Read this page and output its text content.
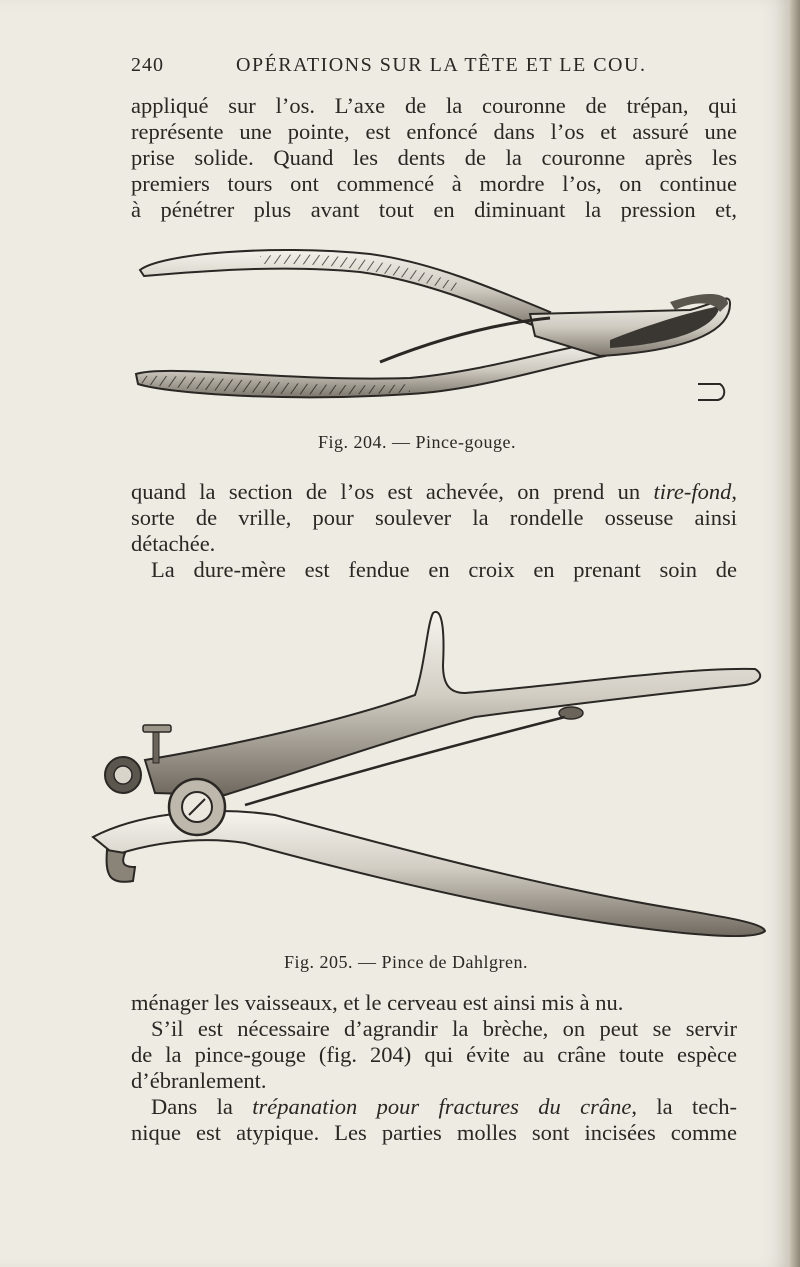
240	OPÉRATIONS SUR LA TÊTE ET LE COU.
appliqué sur l’os. L’axe de la couronne de trépan, qui
représente une pointe, est enfoncé dans l’os et assuré une
prise solide. Quand les dents de la couronne après les
premiers tours ont commencé à mordre l’os, on continue
à pénétrer plus avant tout en diminuant la pression et,
Fig. 204. — Pince-gouge.
quand la section de l’os est achevée, on prend un tire-fond,
sorte de vrille, pour soulever la rondelle osseuse ainsi
détachée.
La dure-mère est fendue en croix en prenant soin de
Fig. 205. — Pince de Dahlgren.
ménager les vaisseaux, et le cerveau est ainsi mis à nu.
S’il est nécessaire d’agrandir la brèche, on peut se servir
de la pince-gouge (fig. 204) qui évite au crâne toute espèce
d’ébranlement.
Dans la trépanation pour fractures du crâne, la tech-
nique est atypique. Les parties molles sont incisées comme
